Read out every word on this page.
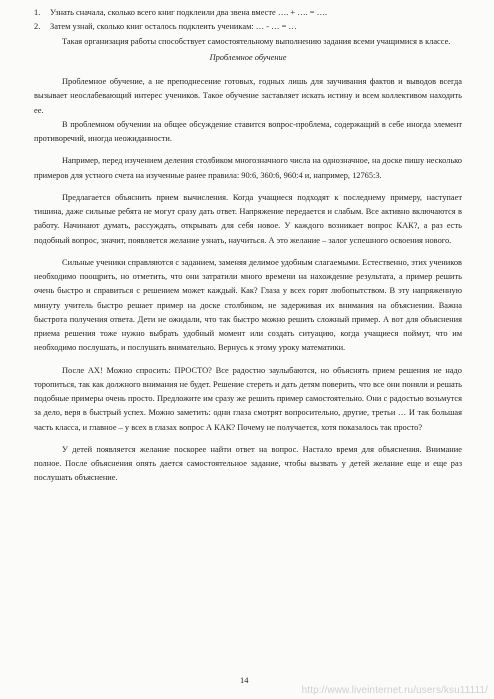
1.	Узнать сначала, сколько всего книг подклеили два звена вместе …. + …. = ….
2.	Затем узнай, сколько книг осталось подклеить ученикам: … - … = …

Такая организация работы способствует самостоятельному выполнению задания всеми учащимися в классе.

Проблемное обучение

Проблемное обучение, а не преподнесение готовых, годных лишь для заучивания фактов и выводов всегда вызывает неослабевающий интерес учеников. Такое обучение заставляет искать истину и всем коллективом находить ее.

В проблемном обучении на общее обсуждение ставится вопрос-проблема, содержащий в себе иногда элемент противоречий, иногда неожиданности.

Например, перед изучением деления столбиком многозначного числа на однозначное, на доске пишу несколько примеров для устного счета на изученные ранее правила: 90:6, 360:6, 960:4 и, например, 12765:3.

Предлагается объяснить прием вычисления. Когда учащиеся подходят к последнему примеру, наступает тишина, даже сильные ребята не могут сразу дать ответ. Напряжение передается и слабым. Все активно включаются в работу. Начинают думать, рассуждать, открывать для себя новое. У каждого возникает вопрос КАК?, а раз есть подобный вопрос, значит, появляется желание узнать, научиться. А это желание – залог успешного освоения нового.

Сильные ученики справляются с заданием, заменяя делимое удобным слагаемыми. Естественно, этих учеников необходимо поощрить, но отметить, что они затратили много времени на нахождение результата, а пример решить очень быстро и справиться с решением может каждый. Как? Глаза у всех горят любопытством. В эту напряженную минуту учитель быстро решает пример на доске столбиком, не задерживая их внимания на объяснении. Важна быстрота получения ответа. Дети не ожидали, что так быстро можно решить сложный пример. А вот для объяснения приема решения тоже нужно выбрать удобный момент или создать ситуацию, когда учащиеся поймут, что им необходимо послушать, и послушать внимательно. Вернусь к этому уроку математики.

После АХ! Можно спросить: ПРОСТО? Все радостно заулыбаются, но объяснять прием решения не надо торопиться, так как должного внимания не будет. Решение стереть и дать детям поверить, что все они поняли и решать подобные примеры очень просто. Предложите им сразу же решить пример самостоятельно. Они с радостью возьмутся за дело, веря в быстрый успех. Можно заметить: одни глаза смотрят вопросительно, другие, третьи … И так большая часть класса, и главное – у всех в глазах вопрос А КАК? Почему не получается, хотя показалось так просто?

У детей появляется желание поскорее найти ответ на вопрос. Настало время для объяснения. Внимание полное. После объяснения опять дается самостоятельное задание, чтобы вызвать у детей желание еще и еще раз послушать объяснение.

14
http://www.liveinternet.ru/users/ksu11111/
